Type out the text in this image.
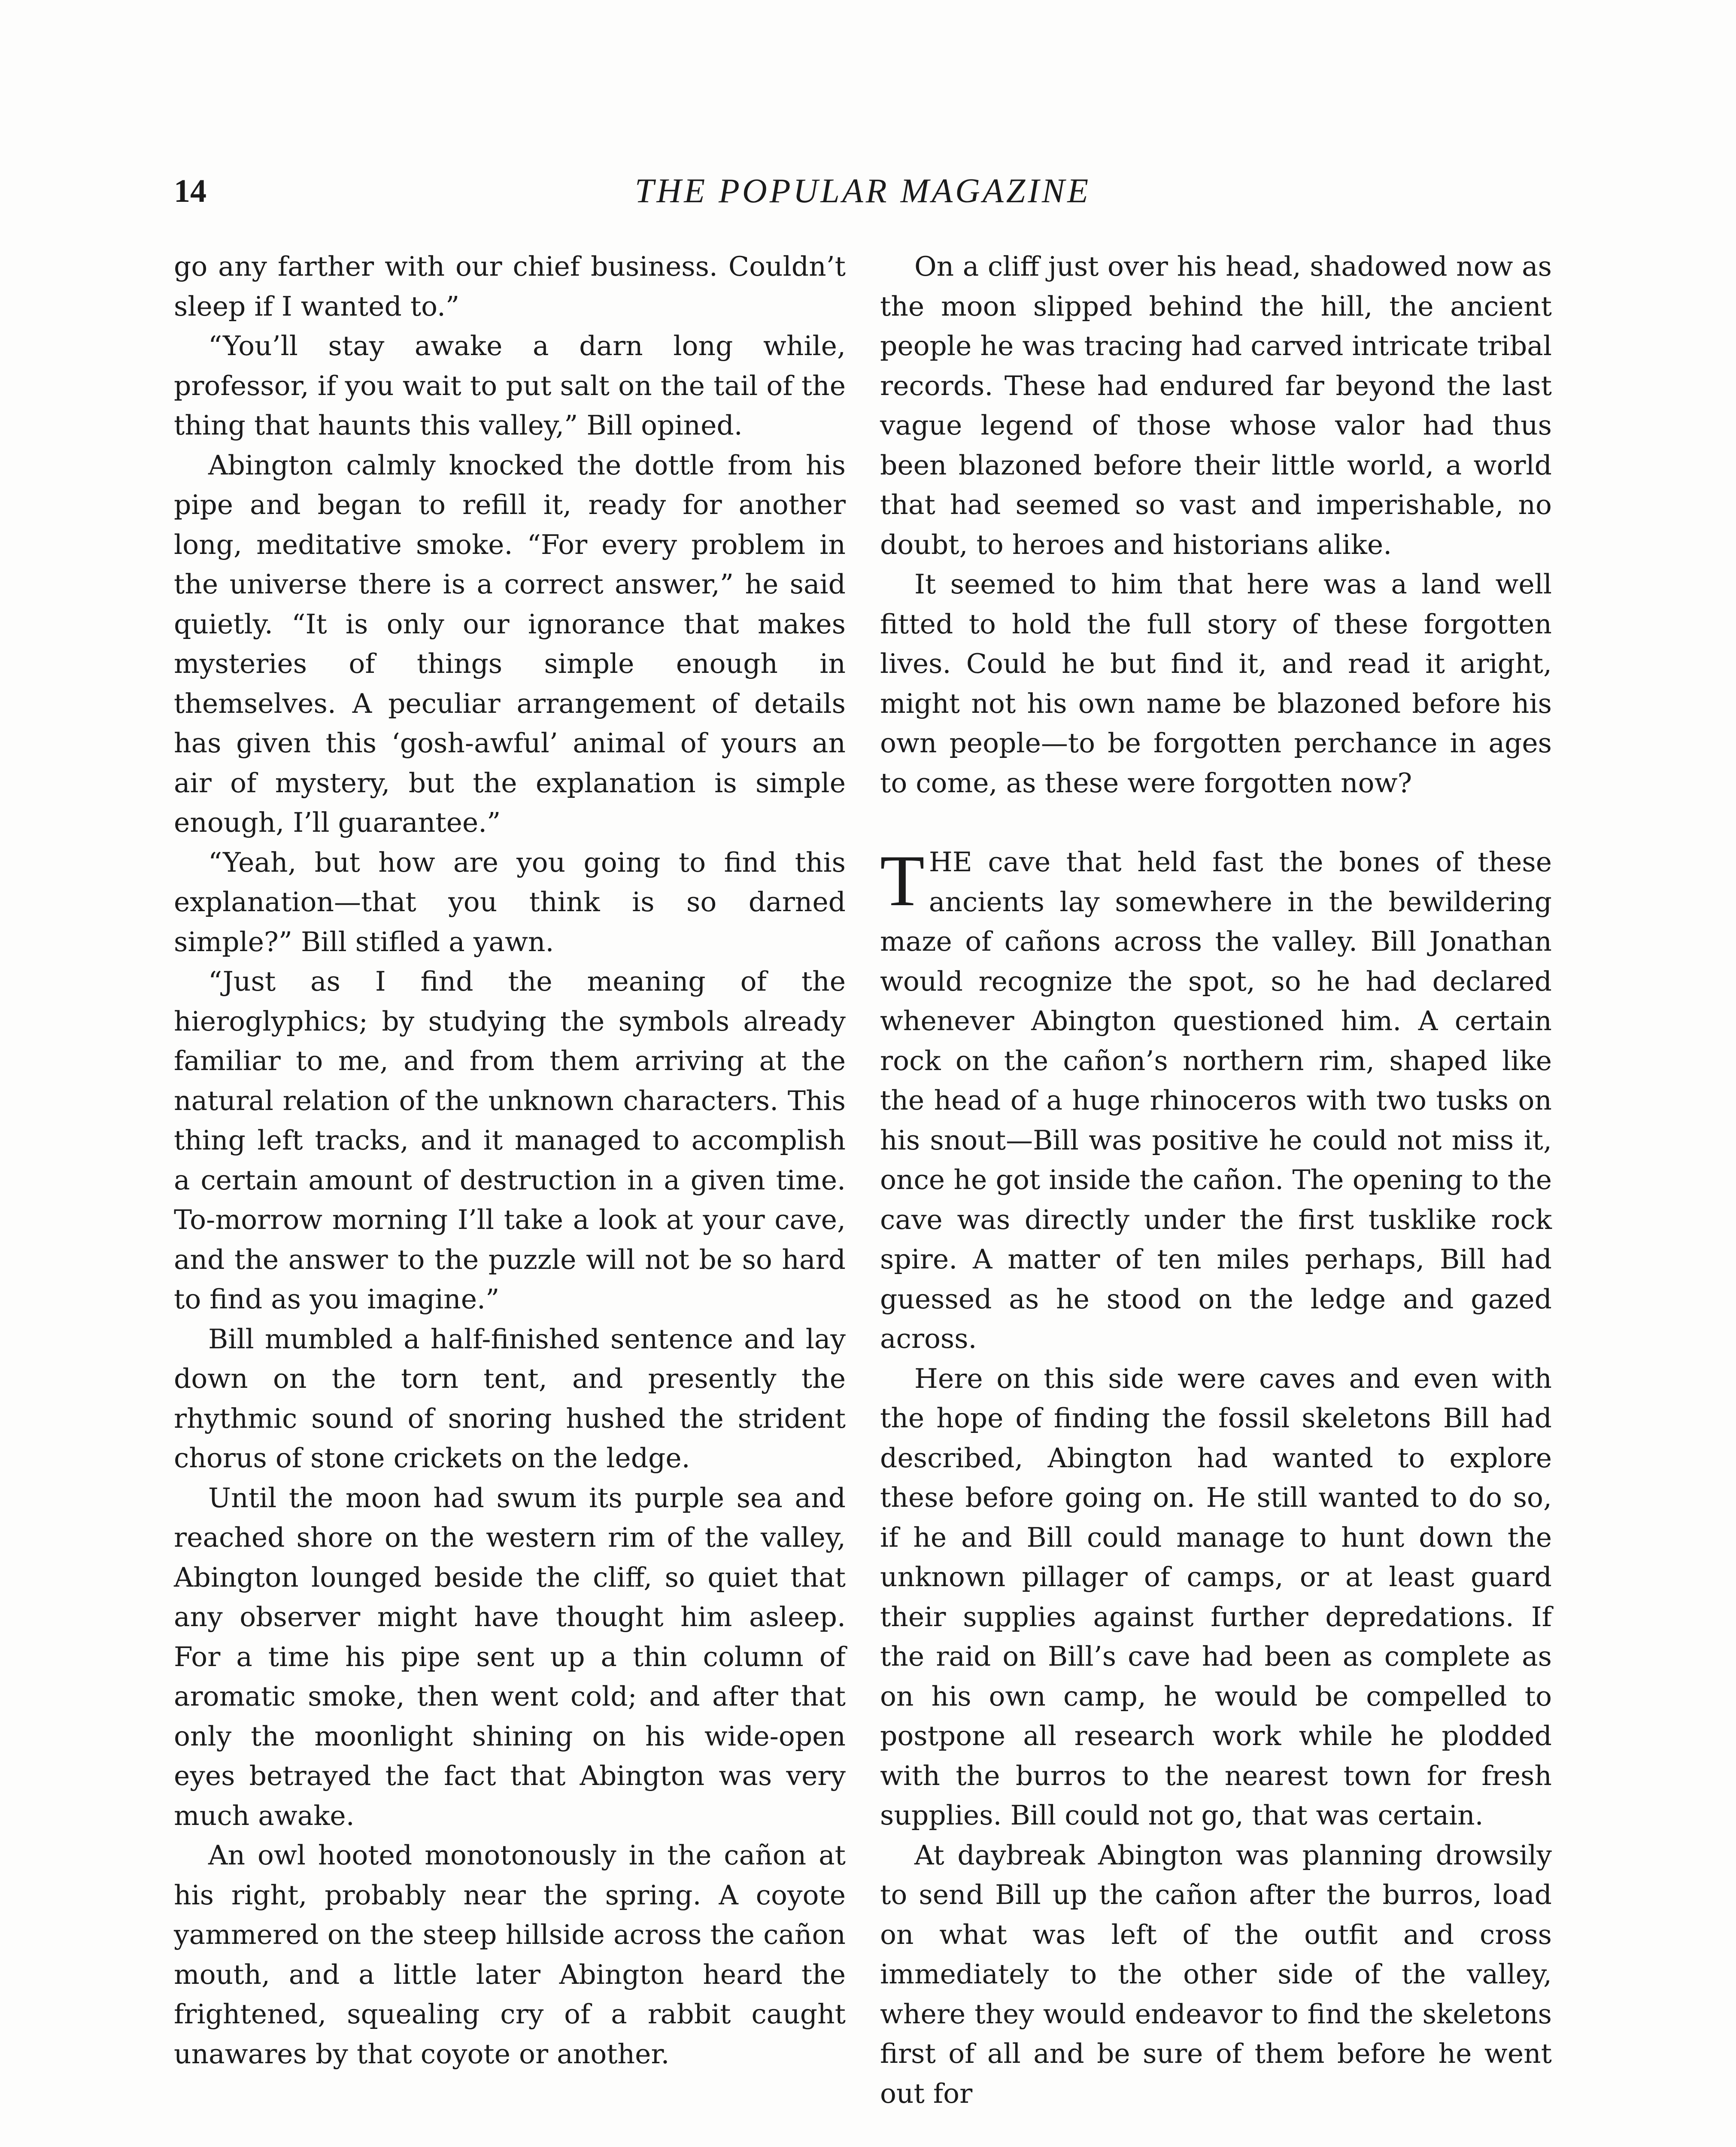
14	THE POPULAR MAGAZINE

go any farther with our chief business. Couldn’t sleep if I wanted to.”

“You’ll stay awake a darn long while, professor, if you wait to put salt on the tail of the thing that haunts this valley,” Bill opined.

Abington calmly knocked the dottle from his pipe and began to refill it, ready for another long, meditative smoke. “For every problem in the universe there is a correct answer,” he said quietly. “It is only our ignorance that makes mysteries of things simple enough in themselves. A peculiar arrangement of details has given this ‘gosh-awful’ animal of yours an air of mystery, but the explanation is simple enough, I’ll guarantee.”

“Yeah, but how are you going to find this explanation—that you think is so darned simple?” Bill stifled a yawn.

“Just as I find the meaning of the hieroglyphics; by studying the symbols already familiar to me, and from them arriving at the natural relation of the unknown characters. This thing left tracks, and it managed to accomplish a certain amount of destruction in a given time. To-morrow morning I’ll take a look at your cave, and the answer to the puzzle will not be so hard to find as you imagine.”

Bill mumbled a half-finished sentence and lay down on the torn tent, and presently the rhythmic sound of snoring hushed the strident chorus of stone crickets on the ledge.

Until the moon had swum its purple sea and reached shore on the western rim of the valley, Abington lounged beside the cliff, so quiet that any observer might have thought him asleep. For a time his pipe sent up a thin column of aromatic smoke, then went cold; and after that only the moonlight shining on his wide-open eyes betrayed the fact that Abington was very much awake.

An owl hooted monotonously in the cañon at his right, probably near the spring. A coyote yammered on the steep hillside across the cañon mouth, and a little later Abington heard the frightened, squealing cry of a rabbit caught unawares by that coyote or another.

On a cliff just over his head, shadowed now as the moon slipped behind the hill, the ancient people he was tracing had carved intricate tribal records. These had endured far beyond the last vague legend of those whose valor had thus been blazoned before their little world, a world that had seemed so vast and imperishable, no doubt, to heroes and historians alike.

It seemed to him that here was a land well fitted to hold the full story of these forgotten lives. Could he but find it, and read it aright, might not his own name be blazoned before his own people—to be forgotten perchance in ages to come, as these were forgotten now?

THE cave that held fast the bones of these ancients lay somewhere in the bewildering maze of cañons across the valley. Bill Jonathan would recognize the spot, so he had declared whenever Abington questioned him. A certain rock on the cañon’s northern rim, shaped like the head of a huge rhinoceros with two tusks on his snout—Bill was positive he could not miss it, once he got inside the cañon. The opening to the cave was directly under the first tusklike rock spire. A matter of ten miles perhaps, Bill had guessed as he stood on the ledge and gazed across.

Here on this side were caves and even with the hope of finding the fossil skeletons Bill had described, Abington had wanted to explore these before going on. He still wanted to do so, if he and Bill could manage to hunt down the unknown pillager of camps, or at least guard their supplies against further depredations. If the raid on Bill’s cave had been as complete as on his own camp, he would be compelled to postpone all research work while he plodded with the burros to the nearest town for fresh supplies. Bill could not go, that was certain.

At daybreak Abington was planning drowsily to send Bill up the cañon after the burros, load on what was left of the outfit and cross immediately to the other side of the valley, where they would endeavor to find the skeletons first of all and be sure of them before he went out for
